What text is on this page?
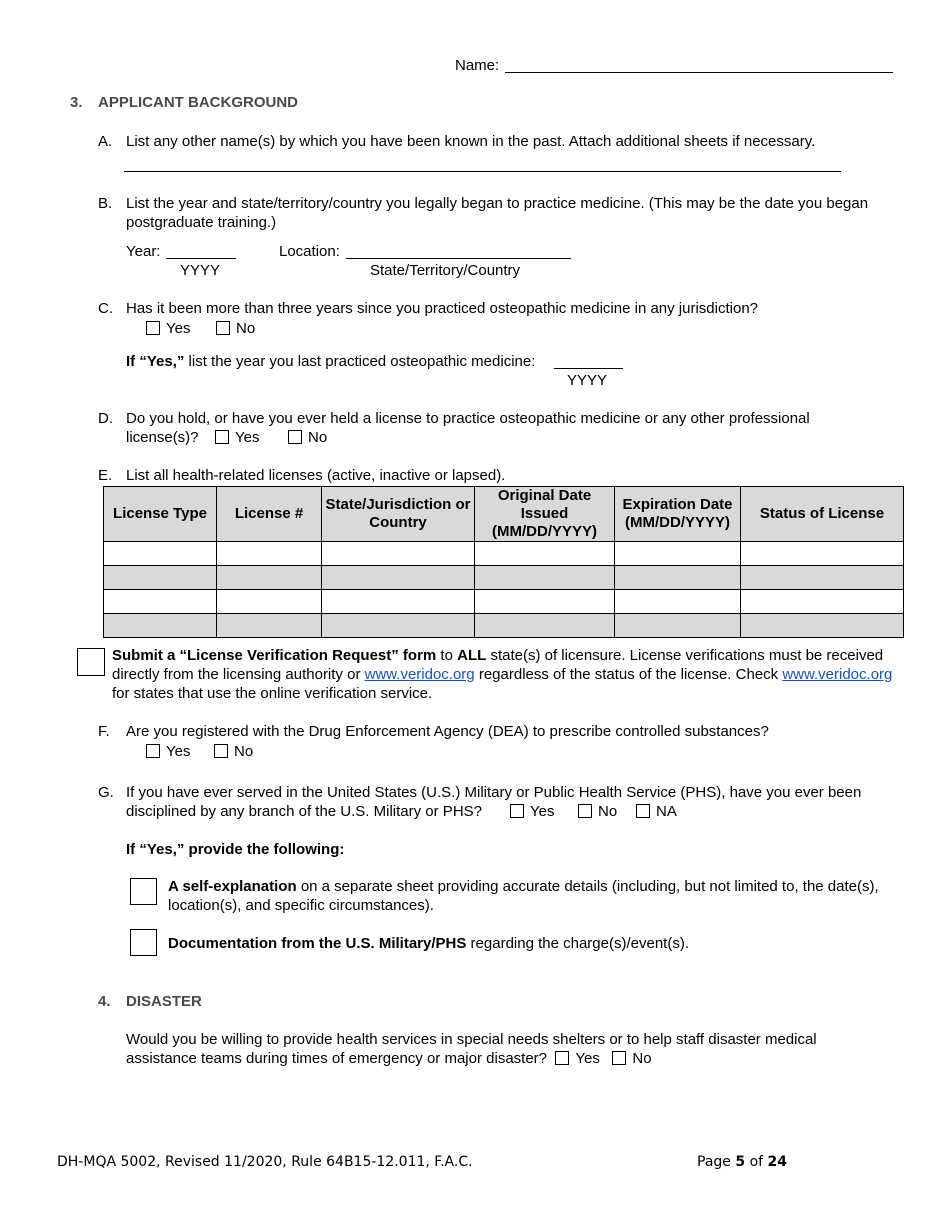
Name:
3. APPLICANT BACKGROUND
A. List any other name(s) by which you have been known in the past. Attach additional sheets if necessary.
B. List the year and state/territory/country you legally began to practice medicine. (This may be the date you began postgraduate training.)
Year:
YYYY
Location:
State/Territory/Country
C. Has it been more than three years since you practiced osteopathic medicine in any jurisdiction?
Yes	No
If “Yes,” list the year you last practiced osteopathic medicine:
YYYY
D. Do you hold, or have you ever held a license to practice osteopathic medicine or any other professional
license(s)?	Yes	No
E. List all health-related licenses (active, inactive or lapsed).
License Type	License #	State/Jurisdiction or Country	Original Date Issued (MM/DD/YYYY)	Expiration Date (MM/DD/YYYY)	Status of License

Submit a “License Verification Request” form to ALL state(s) of licensure. License verifications must be received directly from the licensing authority or www.veridoc.org regardless of the status of the license. Check www.veridoc.org for states that use the online verification service.
F. Are you registered with the Drug Enforcement Agency (DEA) to prescribe controlled substances?
Yes	No
G. If you have ever served in the United States (U.S.) Military or Public Health Service (PHS), have you ever been
disciplined by any branch of the U.S. Military or PHS?	Yes	No	NA
If “Yes,” provide the following:
A self-explanation on a separate sheet providing accurate details (including, but not limited to, the date(s), location(s), and specific circumstances).
Documentation from the U.S. Military/PHS regarding the charge(s)/event(s).
4. DISASTER
Would you be willing to provide health services in special needs shelters or to help staff disaster medical assistance teams during times of emergency or major disaster? Yes No
DH-MQA 5002, Revised 11/2020, Rule 64B15-12.011, F.A.C.	Page 5 of 24
